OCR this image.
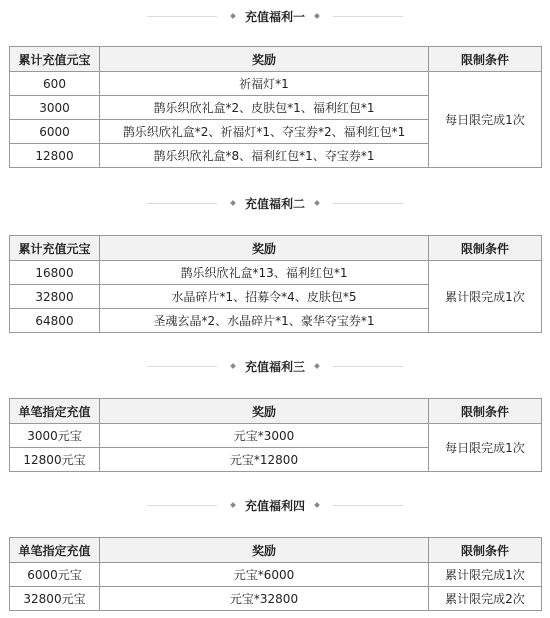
充值福利一
累计充值元宝	奖励	限制条件
600	祈福灯*1	每日限完成1次
3000	鹊乐织欣礼盒*2、皮肤包*1、福利红包*1	
6000	鹊乐织欣礼盒*2、祈福灯*1、夺宝券*2、福利红包*1	
12800	鹊乐织欣礼盒*8、福利红包*1、夺宝券*1	
充值福利二
累计充值元宝	奖励	限制条件
16800	鹊乐织欣礼盒*13、福利红包*1	累计限完成1次
32800	水晶碎片*1、招募令*4、皮肤包*5	
64800	圣魂玄晶*2、水晶碎片*1、豪华夺宝券*1	
充值福利三
单笔指定充值	奖励	限制条件
3000元宝	元宝*3000	每日限完成1次
12800元宝	元宝*12800	
充值福利四
单笔指定充值	奖励	限制条件
6000元宝	元宝*6000	累计限完成1次
32800元宝	元宝*32800	累计限完成2次
